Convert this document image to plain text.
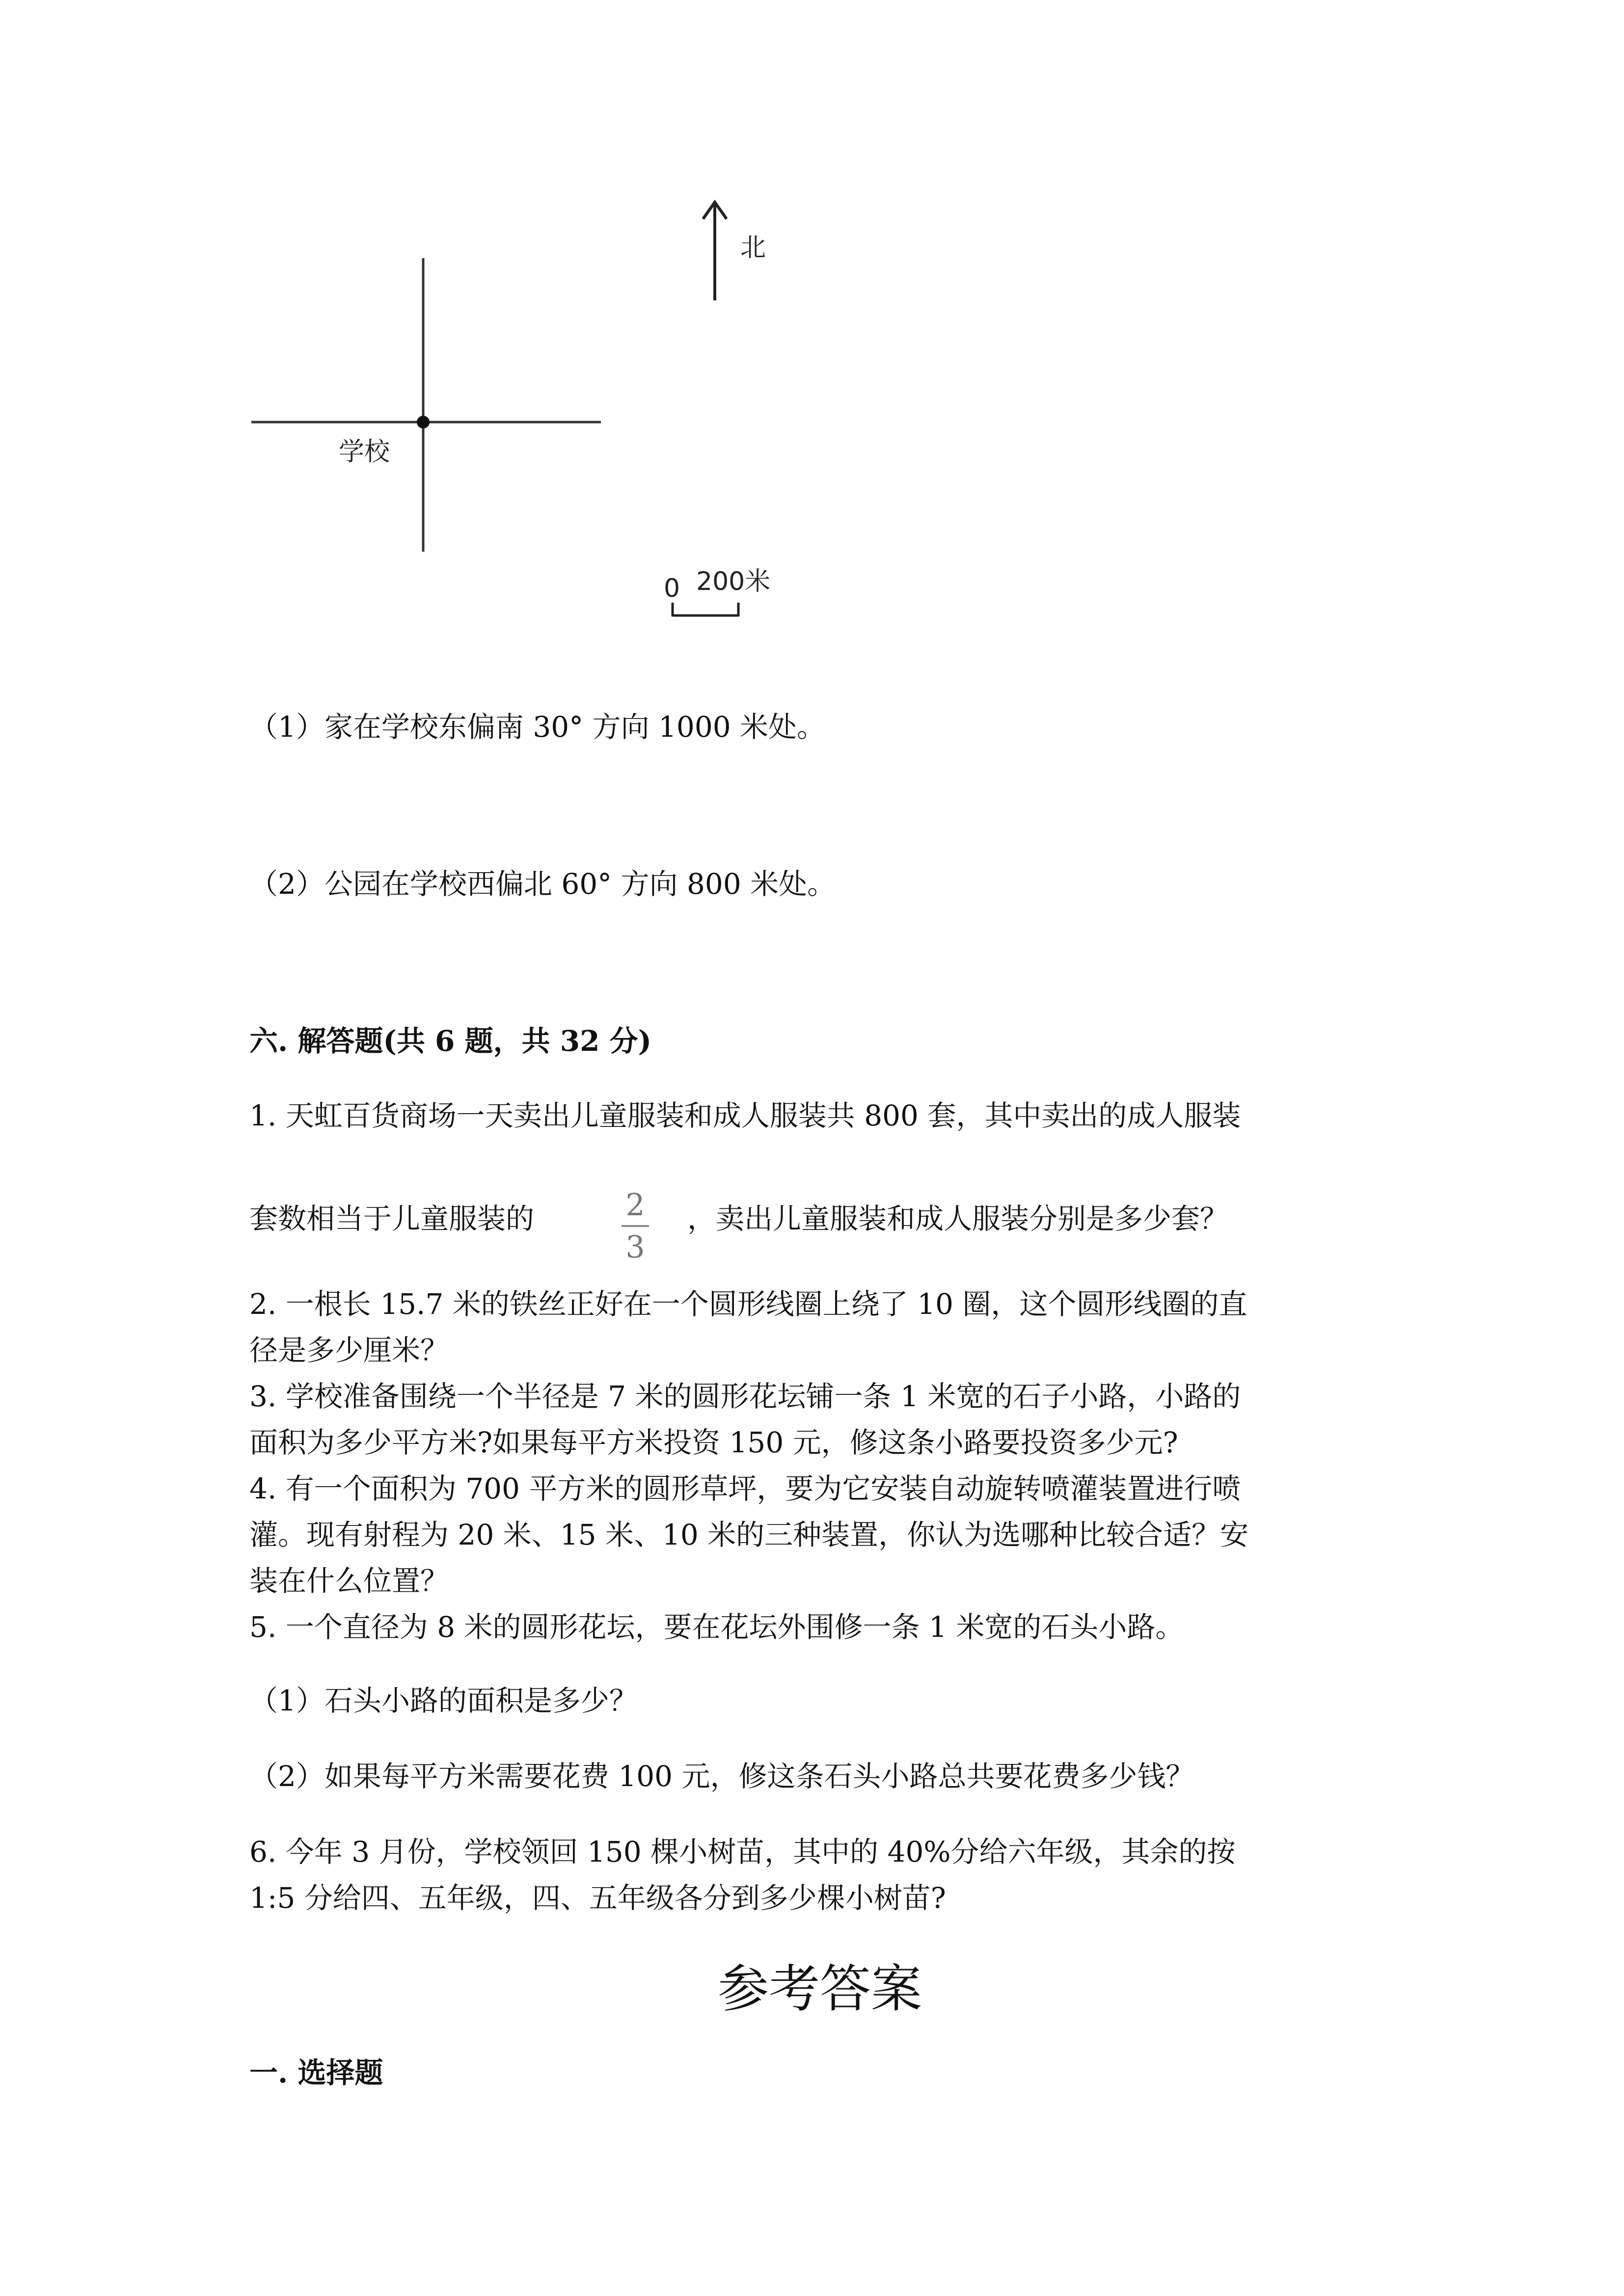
北
学校
0 200米
（1）家在学校东偏南 30° 方向 1000 米处。
（2）公园在学校西偏北 60° 方向 800 米处。
六. 解答题(共 6 题，共 32 分)
1. 天虹百货商场一天卖出儿童服装和成人服装共 800 套，其中卖出的成人服装
套数相当于儿童服装的	2
3
，卖出儿童服装和成人服装分别是多少套？
2. 一根长 15.7 米的铁丝正好在一个圆形线圈上绕了 10 圈，这个圆形线圈的直
径是多少厘米？
3. 学校准备围绕一个半径是 7 米的圆形花坛铺一条 1 米宽的石子小路，小路的
面积为多少平方米?如果每平方米投资 150 元，修这条小路要投资多少元?
4. 有一个面积为 700 平方米的圆形草坪，要为它安装自动旋转喷灌装置进行喷
灌。现有射程为 20 米、15 米、10 米的三种装置，你认为选哪种比较合适？安
装在什么位置？
5. 一个直径为 8 米的圆形花坛，要在花坛外围修一条 1 米宽的石头小路。
（1）石头小路的面积是多少？
（2）如果每平方米需要花费 100 元，修这条石头小路总共要花费多少钱？
6. 今年 3 月份，学校领回 150 棵小树苗，其中的 40%分给六年级，其余的按
1:5 分给四、五年级，四、五年级各分到多少棵小树苗?
参考答案
一. 选择题
